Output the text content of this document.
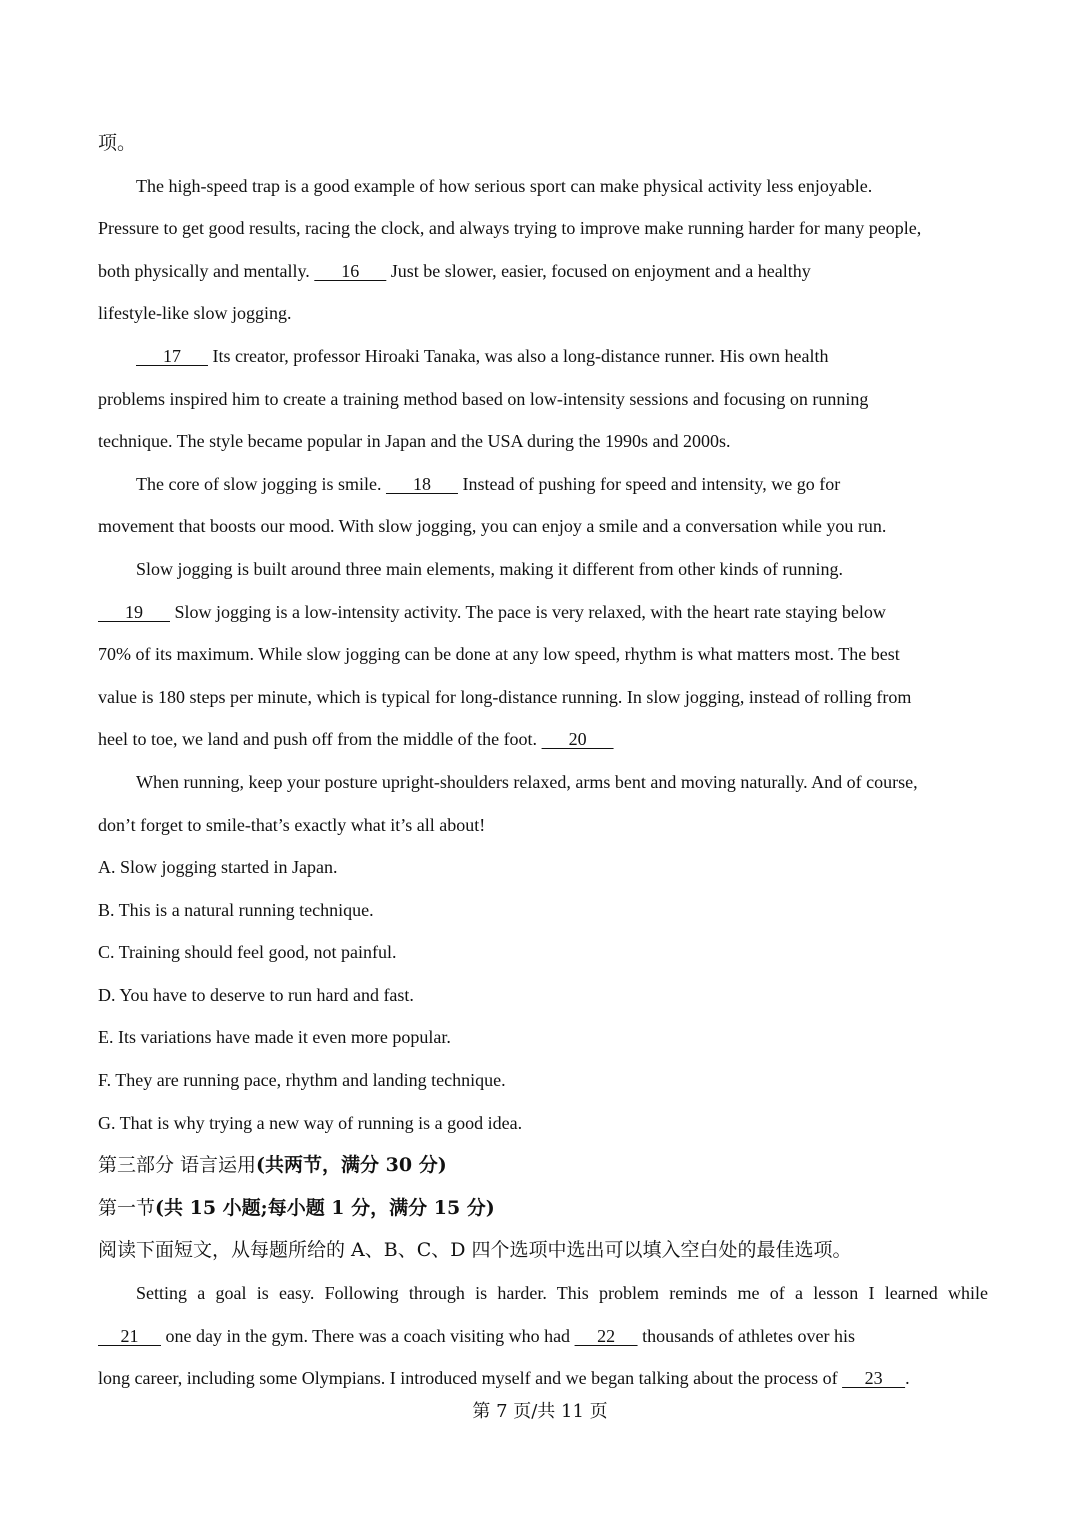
项。
The high-speed trap is a good example of how serious sport can make physical activity less enjoyable.
Pressure to get good results, racing the clock, and always trying to improve make running harder for many people,
both physically and mentally.       16       Just be slower, easier, focused on enjoyment and a healthy
lifestyle-like slow jogging.
17       Its creator, professor Hiroaki Tanaka, was also a long-distance runner. His own health
problems inspired him to create a training method based on low-intensity sessions and focusing on running
technique. The style became popular in Japan and the USA during the 1990s and 2000s.
The core of slow jogging is smile.       18       Instead of pushing for speed and intensity, we go for
movement that boosts our mood. With slow jogging, you can enjoy a smile and a conversation while you run.
Slow jogging is built around three main elements, making it different from other kinds of running.
19       Slow jogging is a low-intensity activity. The pace is very relaxed, with the heart rate staying below
70% of its maximum. While slow jogging can be done at any low speed, rhythm is what matters most. The best
value is 180 steps per minute, which is typical for long-distance running. In slow jogging, instead of rolling from
heel to toe, we land and push off from the middle of the foot.       20
When running, keep your posture upright-shoulders relaxed, arms bent and moving naturally. And of course,
don’t forget to smile-that’s exactly what it’s all about!
A. Slow jogging started in Japan.
B. This is a natural running technique.
C. Training should feel good, not painful.
D. You have to deserve to run hard and fast.
E. Its variations have made it even more popular.
F. They are running pace, rhythm and landing technique.
G. That is why trying a new way of running is a good idea.
第三部分 语言运用(共两节，满分 30 分)
第一节(共 15 小题;每小题 1 分，满分 15 分)
阅读下面短文，从每题所给的 A、B、C、D 四个选项中选出可以填入空白处的最佳选项。
Setting a goal is easy. Following through is harder. This problem reminds me of a lesson I learned while
21      one day in the gym. There was a coach visiting who had      22      thousands of athletes over his
long career, including some Olympians. I introduced myself and we began talking about the process of      23     .
第 7 页/共 11 页
